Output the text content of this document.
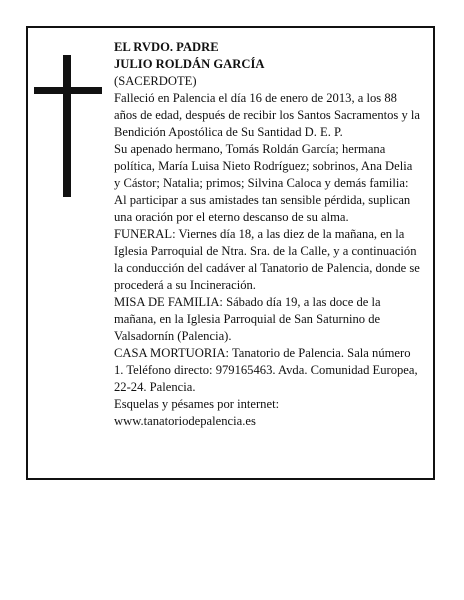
EL RVDO. PADRE

JULIO ROLDÁN GARCÍA

(SACERDOTE)

Falleció en Palencia el día 16 de enero de 2013, a los 88 años de edad, después de recibir los Santos Sacramentos y la Bendición Apostólica de Su Santidad D. E. P.

Su apenado hermano, Tomás Roldán García; hermana política, María Luisa Nieto Rodríguez; sobrinos, Ana Delia y Cástor; Natalia; primos; Silvina Caloca y demás familia:

Al participar a sus amistades tan sensible pérdida, suplican una oración por el eterno descanso de su alma.

FUNERAL: Viernes día 18, a las diez de la mañana, en la Iglesia Parroquial de Ntra. Sra. de la Calle, y a continuación la conducción del cadáver al Tanatorio de Palencia, donde se procederá a su Incineración.

MISA DE FAMILIA: Sábado día 19, a las doce de la mañana, en la Iglesia Parroquial de San Saturnino de Valsadornín (Palencia).

CASA MORTUORIA: Tanatorio de Palencia. Sala número 1. Teléfono directo: 979165463. Avda. Comunidad Europea, 22-24. Palencia.

Esquelas y pésames por internet:

www.tanatoriodepalencia.es
